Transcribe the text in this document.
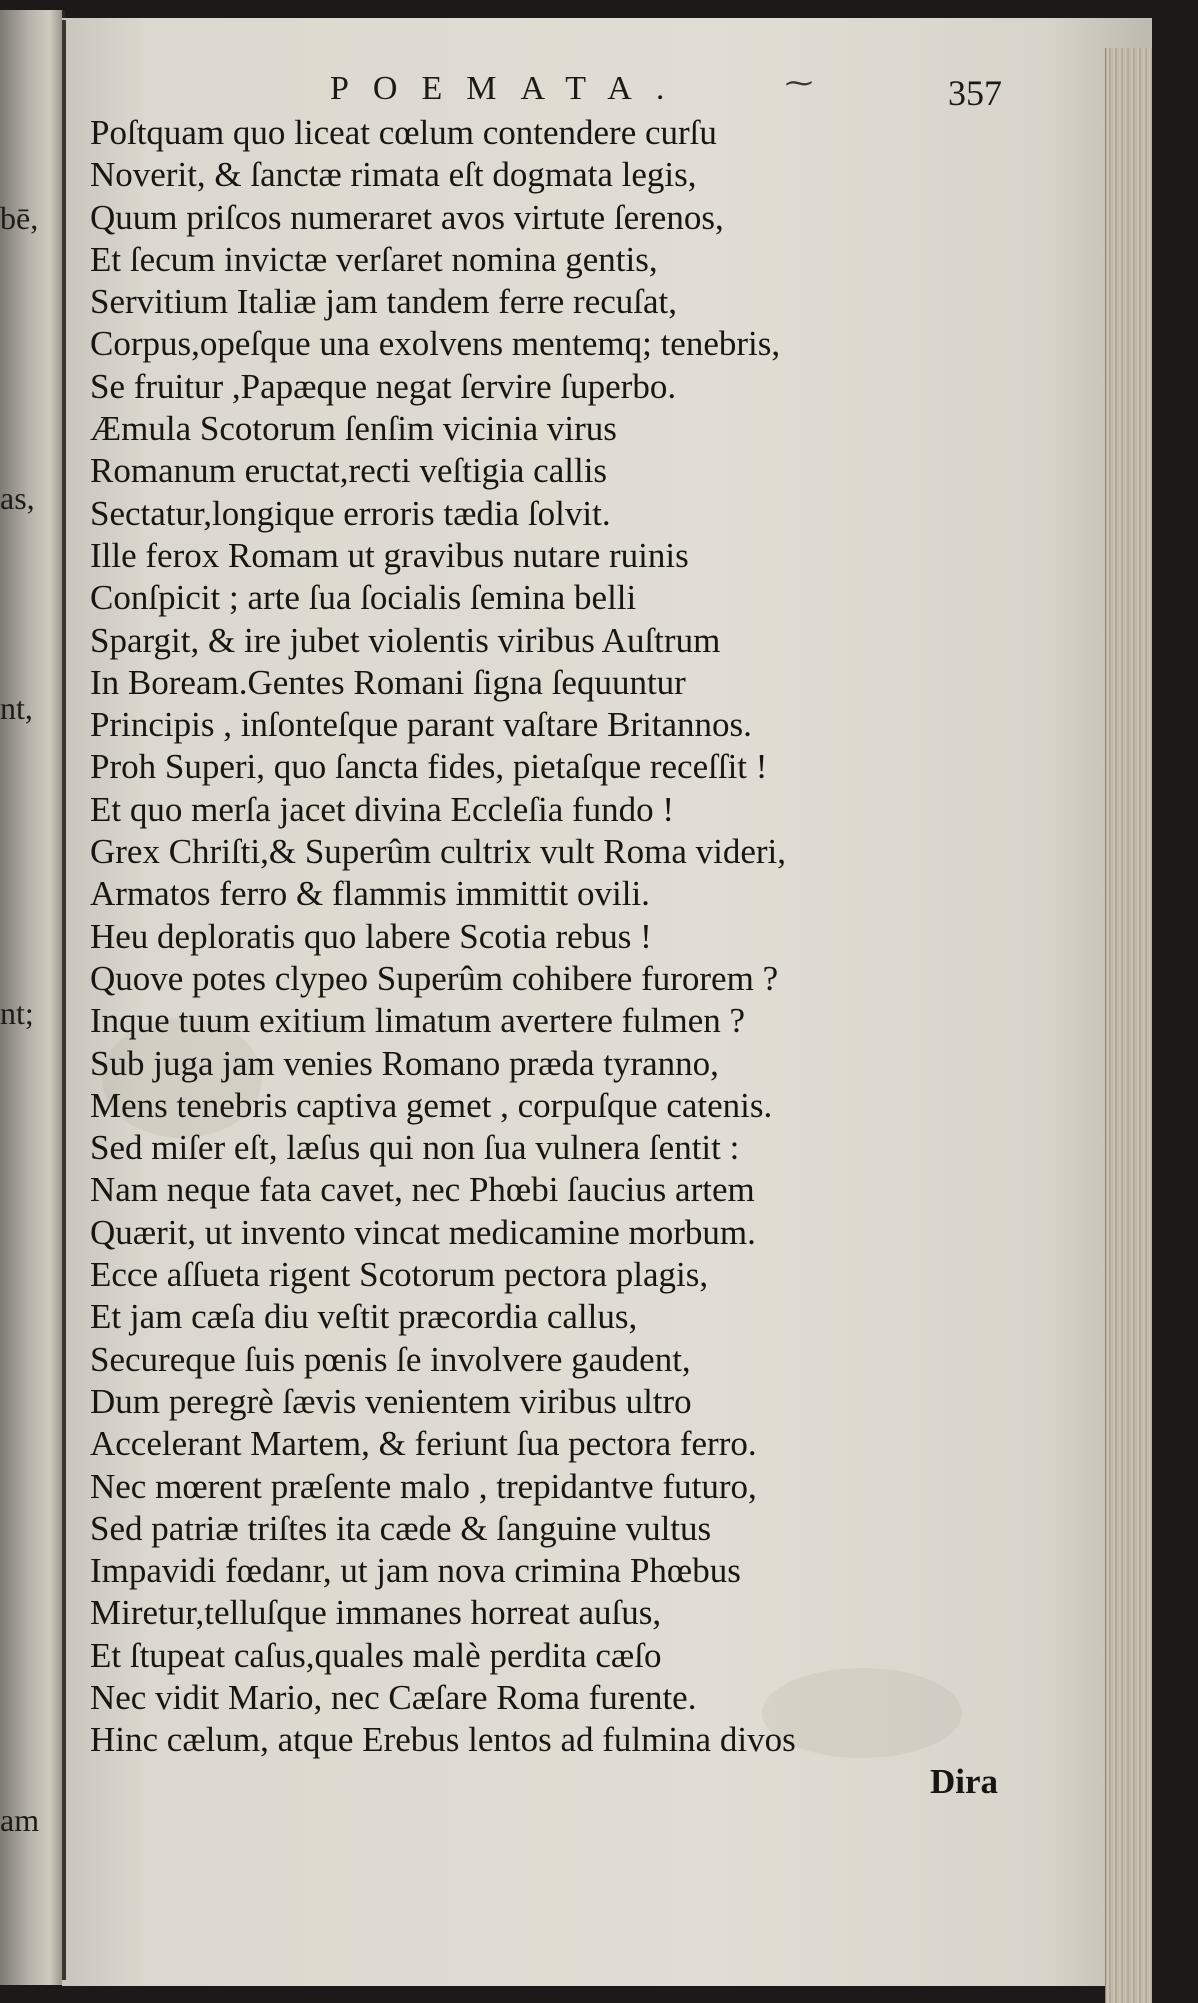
bē,
as,
nt,
nt;
am
POEMATA.	⁓	357
Poſtquam quo liceat cœlum contendere curſu
Noverit, & ſanctæ rimata eſt dogmata legis,
Quum priſcos numeraret avos virtute ſerenos,
Et ſecum invictæ verſaret nomina gentis,
Servitium Italiæ jam tandem ferre recuſat,
Corpus,opeſque una exolvens mentemq; tenebris,
Se fruitur ,Papæque negat ſervire ſuperbo.
Æmula Scotorum ſenſim vicinia virus
Romanum eructat,recti veſtigia callis
Sectatur,longique erroris tædia ſolvit.
Ille ferox Romam ut gravibus nutare ruinis
Conſpicit ; arte ſua ſocialis ſemina belli
Spargit, & ire jubet violentis viribus Auſtrum
In Boream.Gentes Romani ſigna ſequuntur
Principis , inſonteſque parant vaſtare Britannos.
Proh Superi, quo ſancta fides, pietaſque receſſit !
Et quo merſa jacet divina Eccleſia fundo !
Grex Chriſti,& Superûm cultrix vult Roma videri,
Armatos ferro & flammis immittit ovili.
Heu deploratis quo labere Scotia rebus !
Quove potes clypeo Superûm cohibere furorem ?
Inque tuum exitium limatum avertere fulmen ?
Sub juga jam venies Romano præda tyranno,
Mens tenebris captiva gemet , corpuſque catenis.
Sed miſer eſt, læſus qui non ſua vulnera ſentit :
Nam neque fata cavet, nec Phœbi ſaucius artem
Quærit, ut invento vincat medicamine morbum.
Ecce aſſueta rigent Scotorum pectora plagis,
Et jam cæſa diu veſtit præcordia callus,
Secureque ſuis pœnis ſe involvere gaudent,
Dum peregrè ſævis venientem viribus ultro
Accelerant Martem, & feriunt ſua pectora ferro.
Nec mœrent præſente malo , trepidantve futuro,
Sed patriæ triſtes ita cæde & ſanguine vultus
Impavidi fœdanr, ut jam nova crimina Phœbus
Miretur,telluſque immanes horreat auſus,
Et ſtupeat caſus,quales malè perdita cæſo
Nec vidit Mario, nec Cæſare Roma furente.
Hinc cælum, atque Erebus lentos ad fulmina divos
Dira
